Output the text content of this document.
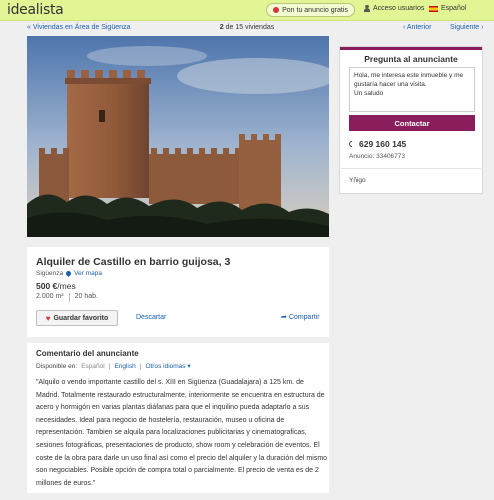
idealista	Pon tu anuncio gratis	Acceso usuarios Español
« Viviendas en Área de Sigüenza	2 de 15 viviendas	‹ Anterior	Siguiente ›
Pregunta al anunciante
Hola, me interesa este inmueble y me gustaría hacer una visita.
Un saludo
Contactar
629 160 145
Anuncio: 33406773
Yñigo
Alquiler de Castillo en barrio guijosa, 3
Sigüenza Ver mapa
500 €/mes
2.000 m² 20 hab.
♥ Guardar favorito	Descartar	➦ Compartir
Comentario del anunciante
Disponible en: Español | English | Otros idiomas ▾
"Alquilo o vendo importante castillo del s. XIII en Sigüenza (Guadalajara) a 125 km. de Madrid. Totalmente restaurado estructuralmente, interiormente se encuentra en estructura de acero y hormigón en varias plantas diáfanas para que el inquilino pueda adaptarlo a sus necesidades. Ideal para negocio de hostelería, restauración, museo u oficina de representación. Tambien se alquila para localizaciones publicitarias y cinematograficas, sesiones fotográficas, presentaciones de producto, show room y celebración de eventos. El coste de la obra para darle un uso final así como el precio del alquiler y la duración del mismo son negociables. Posible opción de compra total o parcialmente. El precio de venta es de 2 millones de euros."
